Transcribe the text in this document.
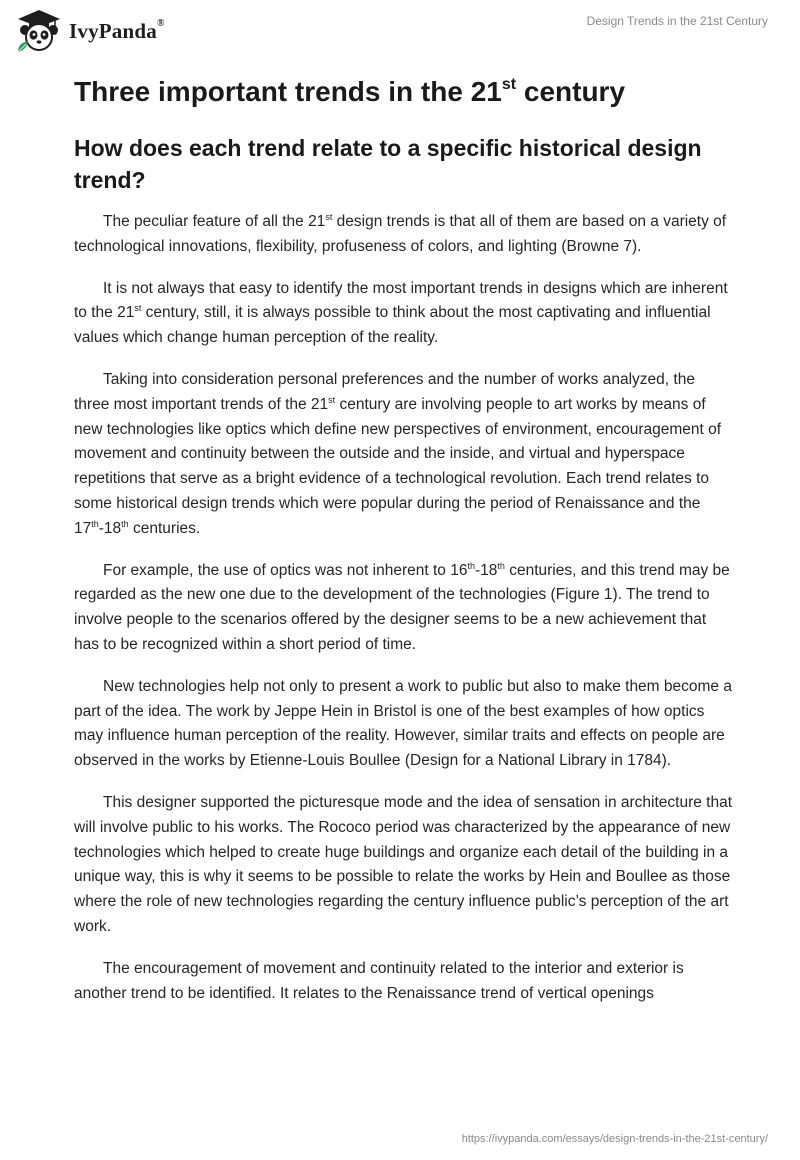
IvyPanda®	Design Trends in the 21st Century
Three important trends in the 21st century
How does each trend relate to a specific historical design trend?

The peculiar feature of all the 21st design trends is that all of them are based on a variety of technological innovations, flexibility, profuseness of colors, and lighting (Browne 7).

It is not always that easy to identify the most important trends in designs which are inherent to the 21st century, still, it is always possible to think about the most captivating and influential values which change human perception of the reality.

Taking into consideration personal preferences and the number of works analyzed, the three most important trends of the 21st century are involving people to art works by means of new technologies like optics which define new perspectives of environment, encouragement of movement and continuity between the outside and the inside, and virtual and hyperspace repetitions that serve as a bright evidence of a technological revolution. Each trend relates to some historical design trends which were popular during the period of Renaissance and the 17th-18th centuries.

For example, the use of optics was not inherent to 16th-18th centuries, and this trend may be regarded as the new one due to the development of the technologies (Figure 1). The trend to involve people to the scenarios offered by the designer seems to be a new achievement that has to be recognized within a short period of time.

New technologies help not only to present a work to public but also to make them become a part of the idea. The work by Jeppe Hein in Bristol is one of the best examples of how optics may influence human perception of the reality. However, similar traits and effects on people are observed in the works by Etienne-Louis Boullee (Design for a National Library in 1784).

This designer supported the picturesque mode and the idea of sensation in architecture that will involve public to his works. The Rococo period was characterized by the appearance of new technologies which helped to create huge buildings and organize each detail of the building in a unique way, this is why it seems to be possible to relate the works by Hein and Boullee as those where the role of new technologies regarding the century influence public’s perception of the art work.

The encouragement of movement and continuity related to the interior and exterior is another trend to be identified. It relates to the Renaissance trend of vertical openings

https://ivypanda.com/essays/design-trends-in-the-21st-century/
